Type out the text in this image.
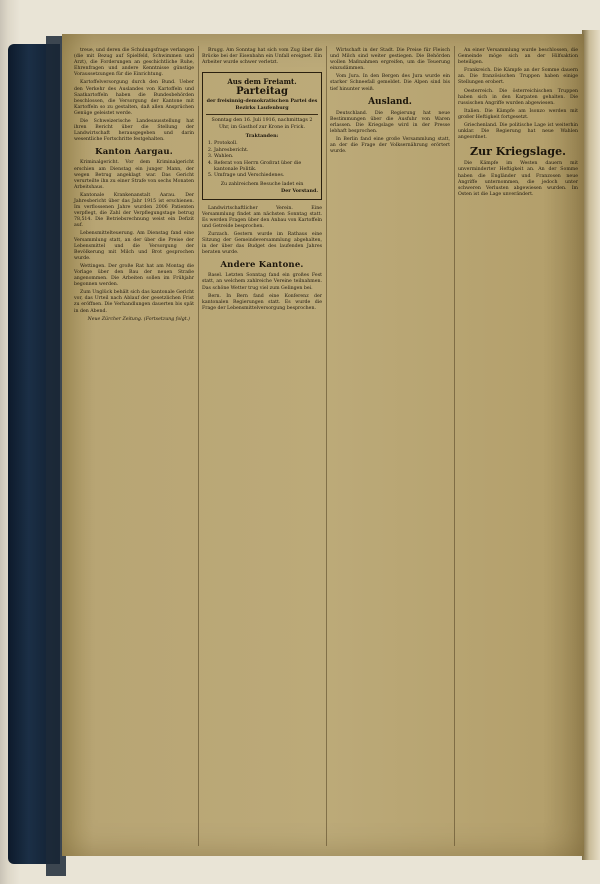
treue, und deren die Schulungsfrage verlangen (die mit Bezug auf Spielfeld, Schwimmen und Arzt), die Forderungen an geschichtliche Ruhe, Ehrenfragen und andere Kenntnisse günstige Voraussetzungen für die Einrichtung.

Kartoffelversorgung durch den Bund. Ueber den Verkehr des Auslandes von Kartoffeln und Saatkartoffeln haben die Bundesbehörden beschlossen, die Versorgung der Kantone mit Kartoffeln so zu gestalten, daß allen Ansprüchen Genüge geleistet werde.

Die Schweizerische Landesausstellung hat ihren Bericht über die Stellung der Landwirtschaft herausgegeben und darin wesentliche Fortschritte festgehalten.

Kanton Aargau.

Kriminalgericht. Vor dem Kriminalgericht erschien am Dienstag ein junger Mann, der wegen Betrug angeklagt war. Das Gericht verurteilte ihn zu einer Strafe von sechs Monaten Arbeitshaus.

Kantonale Krankenanstalt Aarau. Der Jahresbericht über das Jahr 1915 ist erschienen. Im verflossenen Jahre wurden 2006 Patienten verpflegt, die Zahl der Verpflegungstage betrug 78,514. Die Betriebsrechnung weist ein Defizit auf.

Lebensmittelteuerung. Am Dienstag fand eine Versammlung statt, an der über die Preise der Lebensmittel und die Versorgung der Bevölkerung mit Milch und Brot gesprochen wurde.

Wettingen. Der große Rat hat am Montag die Vorlage über den Bau der neuen Straße angenommen. Die Arbeiten sollen im Frühjahr begonnen werden.

Zum Unglück behält sich das kantonale Gericht vor, das Urteil nach Ablauf der gesetzlichen Frist zu eröffnen. Die Verhandlungen dauerten bis spät in den Abend.

Neue Zürcher Zeitung. (Fortsetzung folgt.)

Brugg. Am Sonntag hat sich vom Zug über die Brücke bei der Eisenbahn ein Unfall ereignet. Ein Arbeiter wurde schwer verletzt.

Aus dem Freiamt.
Parteitag
der freisinnig-demokratischen Partei des Bezirks Laufenburg
Sonntag den 16. Juli 1916, nachmittags 2 Uhr, im Gasthof zur Krone in Frick.
Traktanden:
1. Protokoll.
2. Jahresbericht.
3. Wahlen.
4. Referat von Herrn Großrat über die kantonale Politik.
5. Umfrage und Verschiedenes.
Zu zahlreichem Besuche ladet ein
Der Vorstand.

Landwirtschaftlicher Verein. Eine Versammlung findet am nächsten Sonntag statt. Es werden Fragen über den Anbau von Kartoffeln und Getreide besprochen.

Zurzach. Gestern wurde im Rathaus eine Sitzung der Gemeindeversammlung abgehalten, in der über das Budget des laufenden Jahres beraten wurde.

Andere Kantone.

Basel. Letzten Sonntag fand ein großes Fest statt, an welchem zahlreiche Vereine teilnahmen. Das schöne Wetter trug viel zum Gelingen bei.

Bern. In Bern fand eine Konferenz der kantonalen Regierungen statt. Es wurde die Frage der Lebensmittelversorgung besprochen.

Wirtschaft in der Stadt. Die Preise für Fleisch und Milch sind weiter gestiegen. Die Behörden wollen Maßnahmen ergreifen, um die Teuerung einzudämmen.

Vom Jura. In den Bergen des Jura wurde ein starker Schneefall gemeldet. Die Alpen sind bis tief hinunter weiß.

Ausland.

Deutschland. Die Regierung hat neue Bestimmungen über die Ausfuhr von Waren erlassen. Die Kriegslage wird in der Presse lebhaft besprochen.

In Berlin fand eine große Versammlung statt, an der die Frage der Volksernährung erörtert wurde.

An einer Versammlung wurde beschlossen, die Gemeinde möge sich an der Hilfsaktion beteiligen.

Frankreich. Die Kämpfe an der Somme dauern an. Die französischen Truppen haben einige Stellungen erobert.

Oesterreich. Die österreichischen Truppen haben sich in den Karpaten gehalten. Die russischen Angriffe wurden abgewiesen.

Italien. Die Kämpfe am Isonzo werden mit großer Heftigkeit fortgesetzt.

Griechenland. Die politische Lage ist weiterhin unklar. Die Regierung hat neue Wahlen angeordnet.

Zur Kriegslage.

Die Kämpfe im Westen dauern mit unverminderter Heftigkeit an. An der Somme haben die Engländer und Franzosen neue Angriffe unternommen, die jedoch unter schweren Verlusten abgewiesen wurden. Im Osten ist die Lage unverändert.
